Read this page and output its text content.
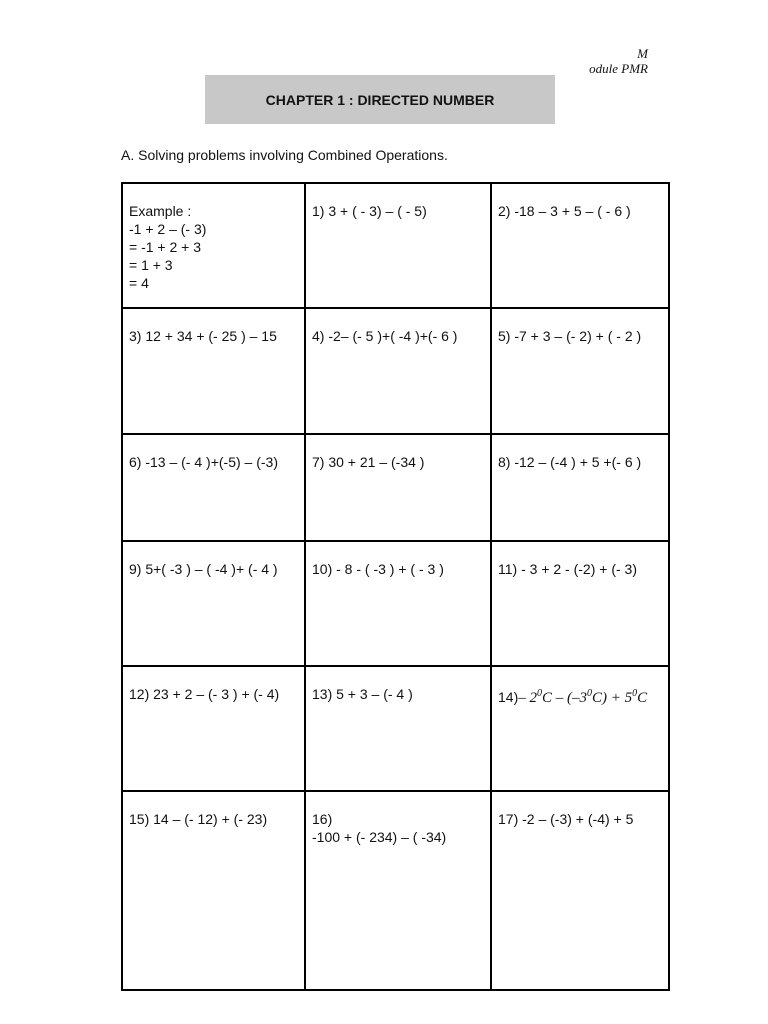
M
odule PMR
CHAPTER 1 : DIRECTED NUMBER
A. Solving problems involving Combined Operations.
Example :
-1 + 2 – (- 3)
= -1 + 2 + 3
= 1 + 3
= 4	1) 3 + ( - 3) – ( - 5)	2) -18 – 3 + 5 – ( - 6 )
3) 12 + 34 + (- 25 ) – 15	4) -2– (- 5 )+( -4 )+(- 6 )	5) -7 + 3 – (- 2) + ( - 2 )
6) -13 – (- 4 )+(-5) – (-3)	7) 30 + 21 – (-34 )	8) -12 – (-4 ) + 5 +(- 6 )
9) 5+( -3 ) – ( -4 )+ (- 4 )	10) - 8 - ( -3 ) + ( - 3 )	11) - 3 + 2 - (-2) + (- 3)
12) 23 + 2 – (- 3 ) + (- 4)	13) 5 + 3 – (- 4 )	14)– $2^0C - (-3^0C) + 5^0C$
15) 14 – (- 12) + (- 23)	16)
-100 + (- 234) – ( -34)	17) -2 – (-3) + (-4) + 5
